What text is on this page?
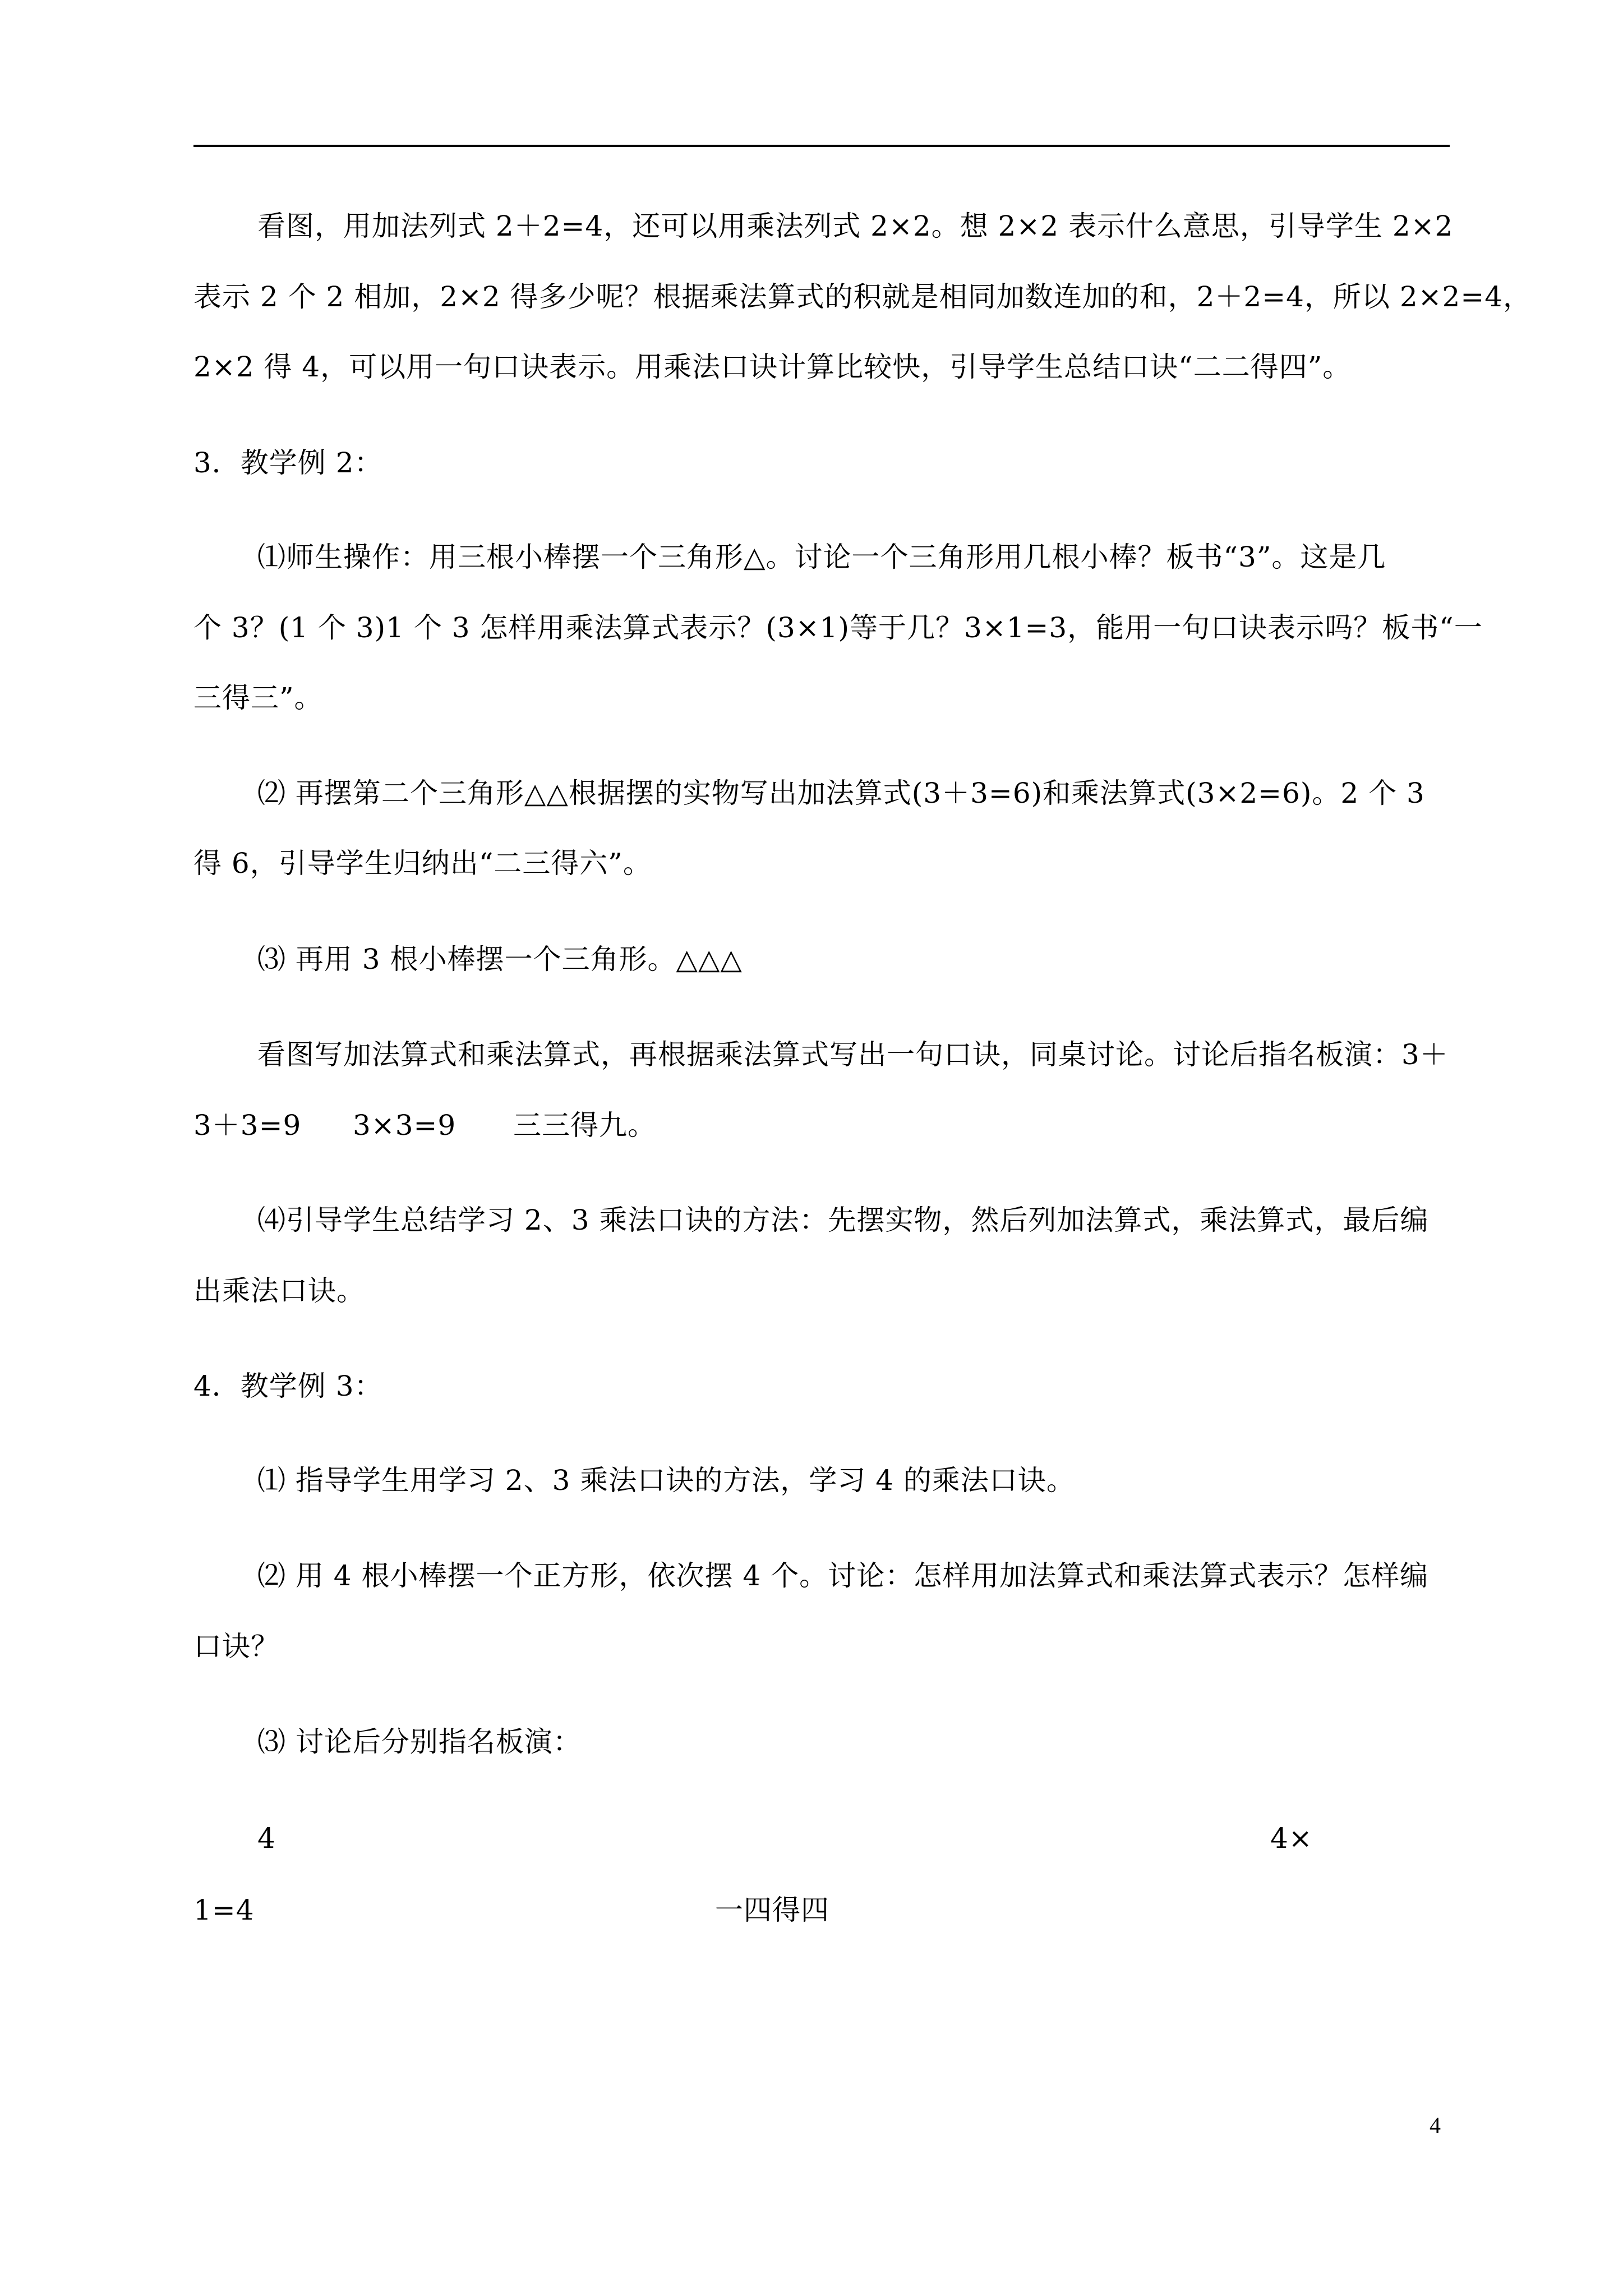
看图，用加法列式 2＋2=4，还可以用乘法列式 2×2。想 2×2 表示什么意思，引导学生 2×2
表示 2 个 2 相加，2×2 得多少呢？根据乘法算式的积就是相同加数连加的和，2＋2=4，所以 2×2=4，
2×2 得 4，可以用一句口诀表示。用乘法口诀计算比较快，引导学生总结口诀“二二得四”。
3．教学例 2：
⑴师生操作：用三根小棒摆一个三角形△。讨论一个三角形用几根小棒？板书“3”。这是几
个 3？(1 个 3)1 个 3 怎样用乘法算式表示？(3×1)等于几？3×1=3，能用一句口诀表示吗？板书“一
三得三”。
⑵ 再摆第二个三角形△△根据摆的实物写出加法算式(3＋3=6)和乘法算式(3×2=6)。2 个 3
得 6，引导学生归纳出“二三得六”。
⑶ 再用 3 根小棒摆一个三角形。△△△
看图写加法算式和乘法算式，再根据乘法算式写出一句口诀，同桌讨论。讨论后指名板演：3＋
3＋3=9 3×3=9 三三得九。
⑷引导学生总结学习 2、3 乘法口诀的方法：先摆实物，然后列加法算式，乘法算式，最后编
出乘法口诀。
4．教学例 3：
⑴ 指导学生用学习 2、3 乘法口诀的方法，学习 4 的乘法口诀。
⑵ 用 4 根小棒摆一个正方形，依次摆 4 个。讨论：怎样用加法算式和乘法算式表示？怎样编
口诀？
⑶ 讨论后分别指名板演：
4	4×
1=4	一四得四
4
